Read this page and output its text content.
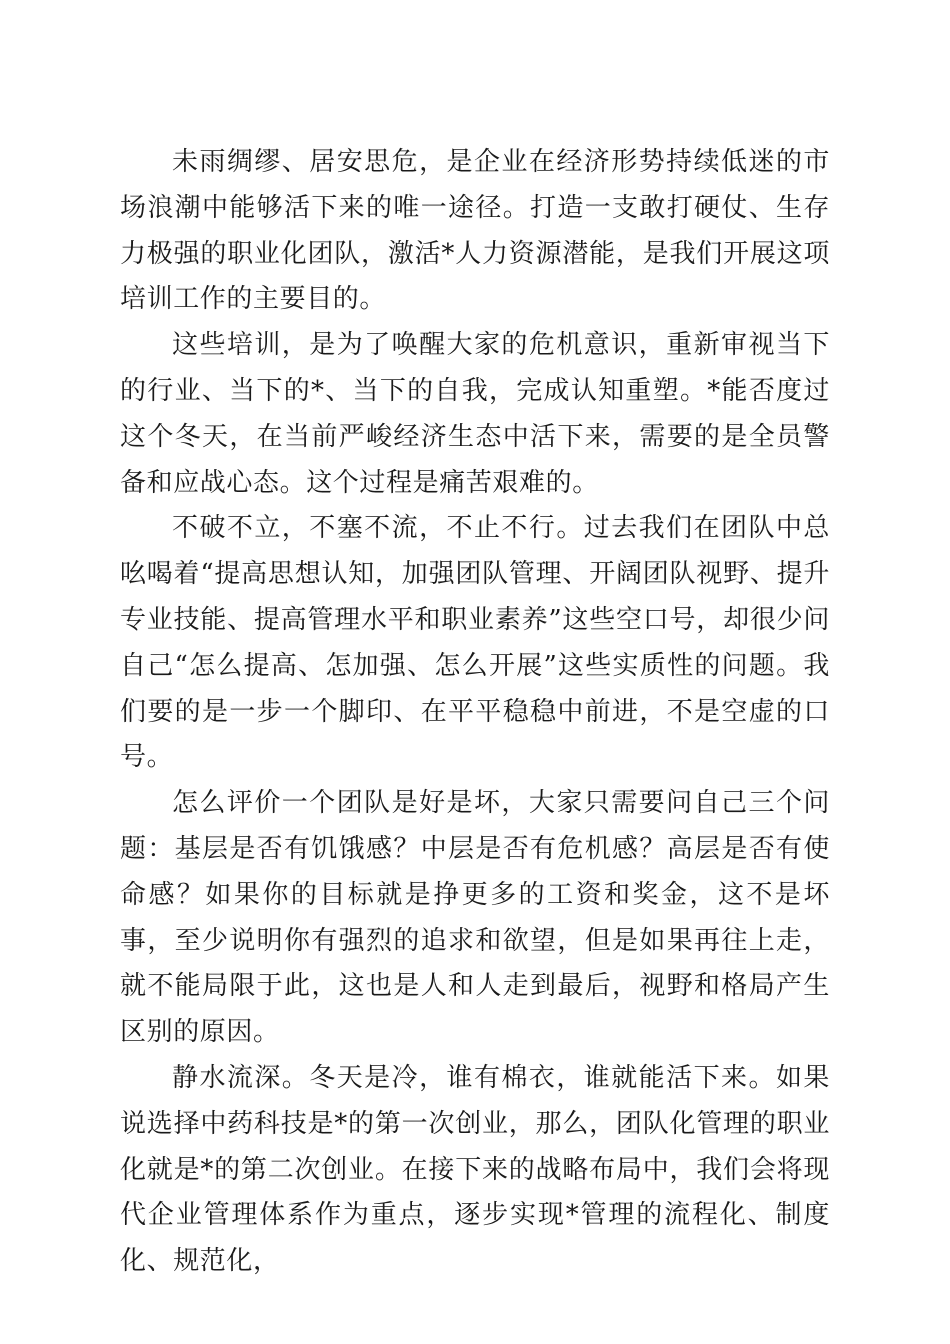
未雨绸缪、居安思危，是企业在经济形势持续低迷的市场浪潮中能够活下来的唯一途径。打造一支敢打硬仗、生存力极强的职业化团队，激活*人力资源潜能，是我们开展这项培训工作的主要目的。

这些培训，是为了唤醒大家的危机意识，重新审视当下的行业、当下的*、当下的自我，完成认知重塑。*能否度过这个冬天，在当前严峻经济生态中活下来，需要的是全员警备和应战心态。这个过程是痛苦艰难的。

不破不立，不塞不流，不止不行。过去我们在团队中总吆喝着“提高思想认知，加强团队管理、开阔团队视野、提升专业技能、提高管理水平和职业素养”这些空口号，却很少问自己“怎么提高、怎加强、怎么开展”这些实质性的问题。我们要的是一步一个脚印、在平平稳稳中前进，不是空虚的口号。

怎么评价一个团队是好是坏，大家只需要问自己三个问题：基层是否有饥饿感？中层是否有危机感？高层是否有使命感？如果你的目标就是挣更多的工资和奖金，这不是坏事，至少说明你有强烈的追求和欲望，但是如果再往上走，就不能局限于此，这也是人和人走到最后，视野和格局产生区别的原因。

静水流深。冬天是冷，谁有棉衣，谁就能活下来。如果说选择中药科技是*的第一次创业，那么，团队化管理的职业化就是*的第二次创业。在接下来的战略布局中，我们会将现代企业管理体系作为重点，逐步实现*管理的流程化、制度化、规范化，
